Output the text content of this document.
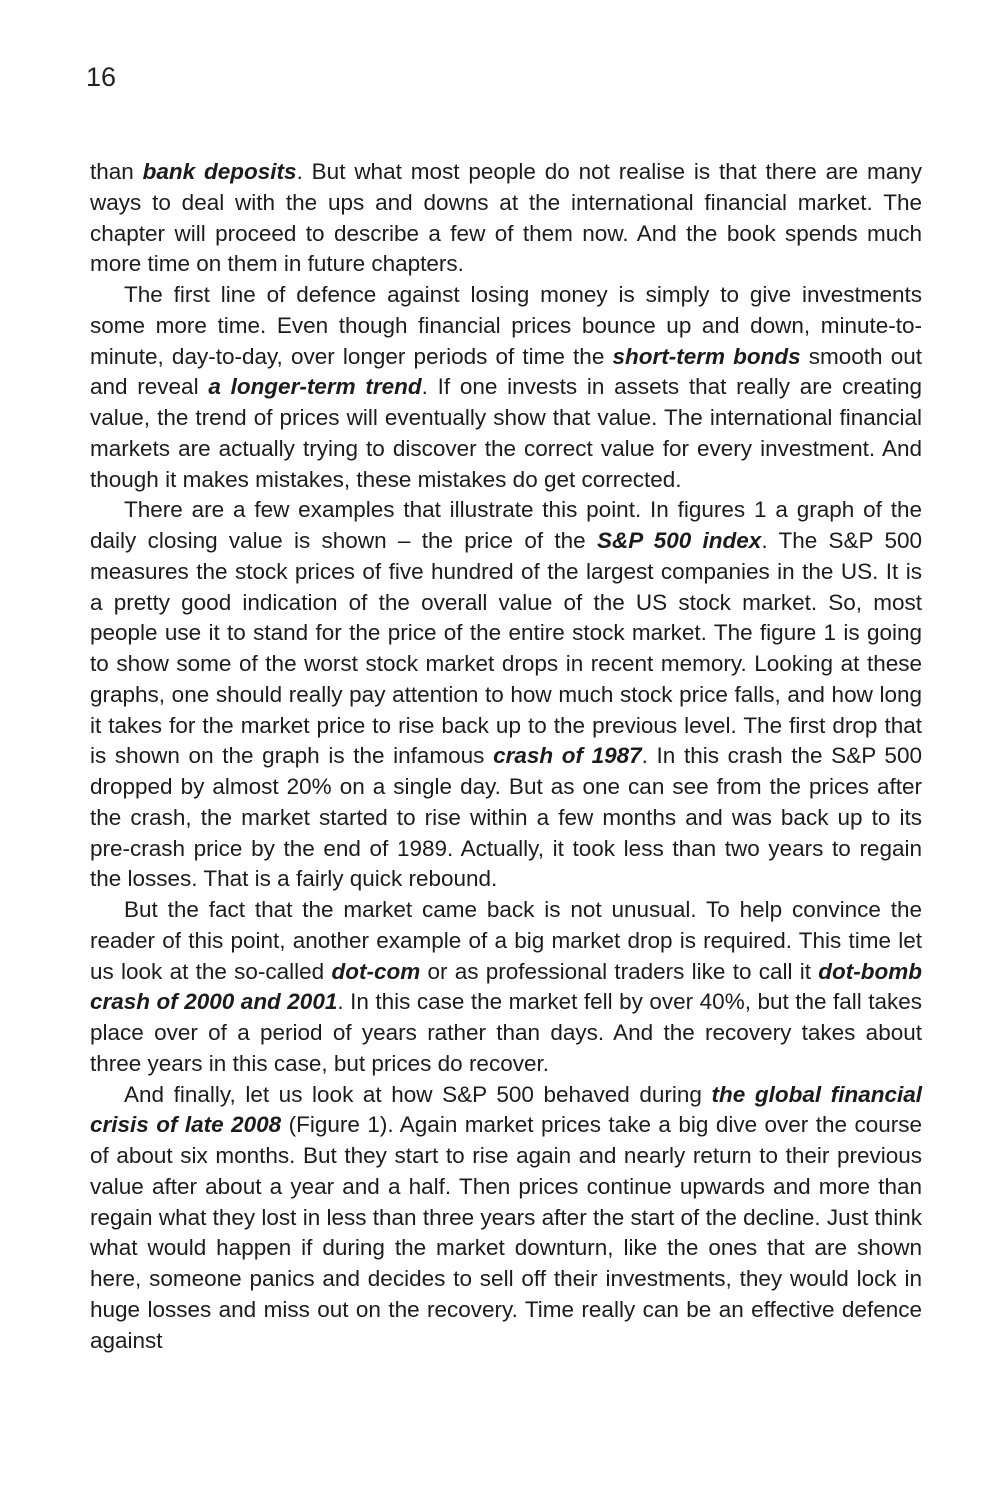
16

than bank deposits. But what most people do not realise is that there are many ways to deal with the ups and downs at the international financial market. The chapter will proceed to describe a few of them now. And the book spends much more time on them in future chapters.

The first line of defence against losing money is simply to give investments some more time. Even though financial prices bounce up and down, minute-to-minute, day-to-day, over longer periods of time the short-term bonds smooth out and reveal a longer-term trend. If one invests in assets that really are creating value, the trend of prices will eventually show that value. The international financial markets are actually trying to discover the correct value for every investment. And though it makes mistakes, these mistakes do get corrected.

There are a few examples that illustrate this point. In figures 1 a graph of the daily closing value is shown – the price of the S&P 500 index. The S&P 500 measures the stock prices of five hundred of the largest companies in the US. It is a pretty good indication of the overall value of the US stock market. So, most people use it to stand for the price of the entire stock market. The figure 1 is going to show some of the worst stock market drops in recent memory. Looking at these graphs, one should really pay attention to how much stock price falls, and how long it takes for the market price to rise back up to the previous level. The first drop that is shown on the graph is the infamous crash of 1987. In this crash the S&P 500 dropped by almost 20% on a single day. But as one can see from the prices after the crash, the market started to rise within a few months and was back up to its pre-crash price by the end of 1989. Actually, it took less than two years to regain the losses. That is a fairly quick rebound.

But the fact that the market came back is not unusual. To help convince the reader of this point, another example of a big market drop is required. This time let us look at the so-called dot-com or as professional traders like to call it dot-bomb crash of 2000 and 2001. In this case the market fell by over 40%, but the fall takes place over of a period of years rather than days. And the recovery takes about three years in this case, but prices do recover.

And finally, let us look at how S&P 500 behaved during the global financial crisis of late 2008 (Figure 1). Again market prices take a big dive over the course of about six months. But they start to rise again and nearly return to their previous value after about a year and a half. Then prices continue upwards and more than regain what they lost in less than three years after the start of the decline. Just think what would happen if during the market downturn, like the ones that are shown here, someone panics and decides to sell off their investments, they would lock in huge losses and miss out on the recovery. Time really can be an effective defence against
